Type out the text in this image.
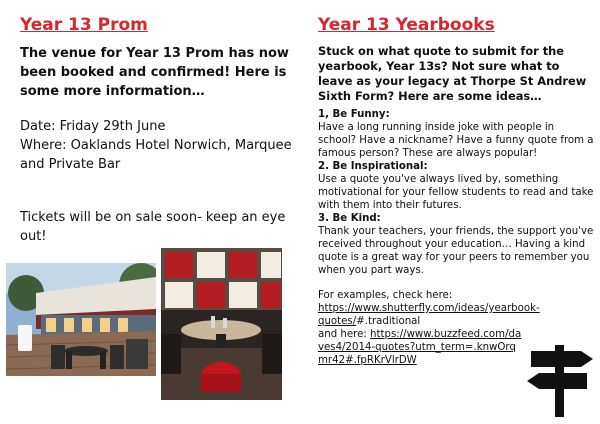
Year 13 Prom

The venue for Year 13 Prom has now been booked and confirmed! Here is some more information…

Date: Friday 29th June

Where: Oaklands Hotel Norwich, Marquee and Private Bar

Tickets will be on sale soon- keep an eye out!

Year 13 Yearbooks

Stuck on what quote to submit for the yearbook, Year 13s? Not sure what to leave as your legacy at Thorpe St Andrew Sixth Form? Here are some ideas…

1, Be Funny:

Have a long running inside joke with people in school? Have a nickname? Have a funny quote from a famous person? These are always popular!

2. Be Inspirational:

Use a quote you've always lived by, something motivational for your fellow students to read and take with them into their futures.

3. Be Kind:

Thank your teachers, your friends, the support you've received throughout your education… Having a kind quote is a great way for your peers to remember you when you part ways.

For examples, check here:

https://www.shutterfly.com/ideas/yearbook-quotes/#.traditional

and here: https://www.buzzfeed.com/daves4/2014-quotes?utm_term=.knwOrqmr42#.fpRKrVlrDW
